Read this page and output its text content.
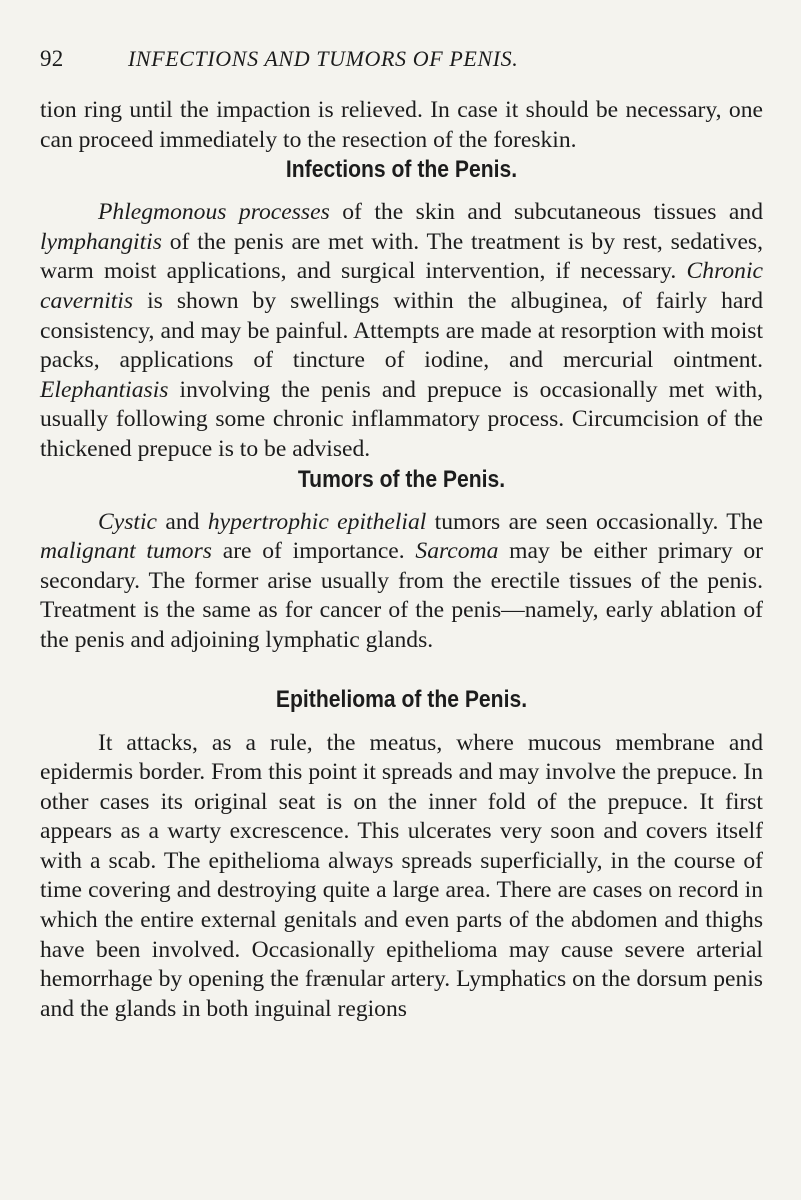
92	INFECTIONS AND TUMORS OF PENIS.

tion ring until the impaction is relieved. In case it should be necessary, one can proceed immediately to the resection of the foreskin.

Infections of the Penis.

Phlegmonous processes of the skin and subcutaneous tissues and lymphangitis of the penis are met with. The treatment is by rest, sedatives, warm moist applications, and surgical intervention, if necessary. Chronic cavernitis is shown by swellings within the albuginea, of fairly hard consistency, and may be painful. Attempts are made at resorption with moist packs, applications of tincture of iodine, and mercurial ointment. Elephantiasis involving the penis and prepuce is occasionally met with, usually following some chronic inflammatory process. Circumcision of the thickened prepuce is to be advised.

Tumors of the Penis.

Cystic and hypertrophic epithelial tumors are seen occasionally. The malignant tumors are of importance. Sarcoma may be either primary or secondary. The former arise usually from the erectile tissues of the penis. Treatment is the same as for cancer of the penis—namely, early ablation of the penis and adjoining lymphatic glands.

Epithelioma of the Penis.

It attacks, as a rule, the meatus, where mucous membrane and epidermis border. From this point it spreads and may involve the prepuce. In other cases its original seat is on the inner fold of the prepuce. It first appears as a warty excrescence. This ulcerates very soon and covers itself with a scab. The epithelioma always spreads superficially, in the course of time covering and destroying quite a large area. There are cases on record in which the entire external genitals and even parts of the abdomen and thighs have been involved. Occasionally epithelioma may cause severe arterial hemorrhage by opening the frænular artery. Lymphatics on the dorsum penis and the glands in both inguinal regions
